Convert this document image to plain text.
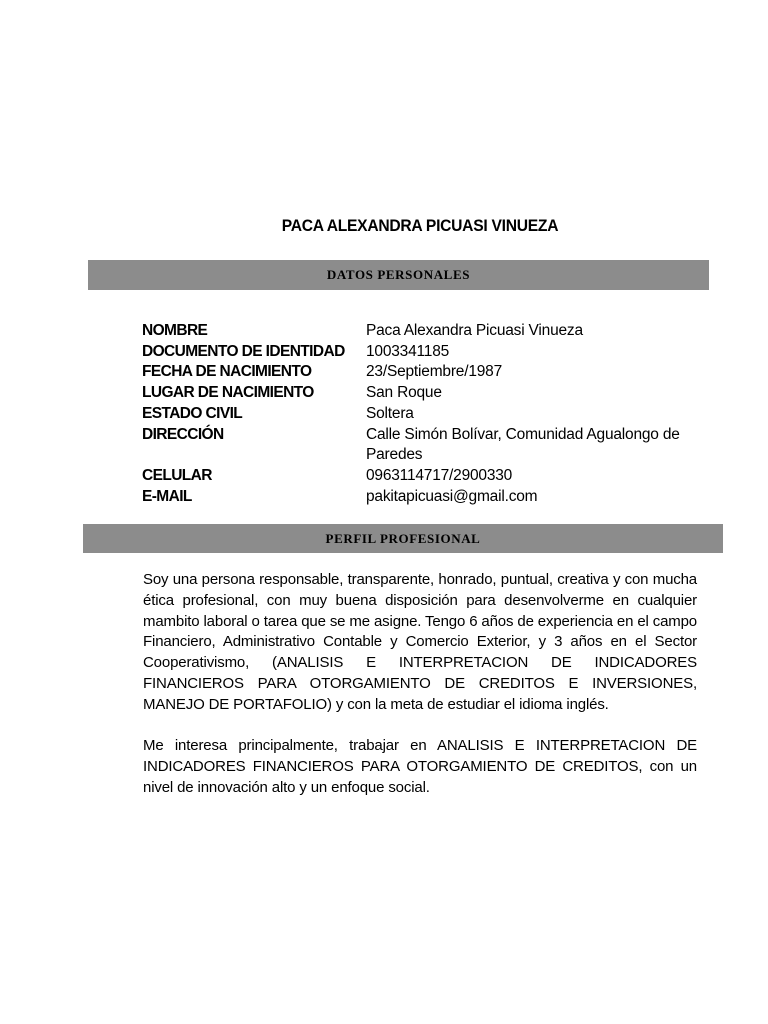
PACA ALEXANDRA PICUASI VINUEZA
DATOS PERSONALES
NOMBRE	Paca Alexandra Picuasi Vinueza
DOCUMENTO DE IDENTIDAD	1003341185
FECHA DE NACIMIENTO	23/Septiembre/1987
LUGAR DE NACIMIENTO	San Roque
ESTADO CIVIL	Soltera
DIRECCIÓN	Calle Simón Bolívar, Comunidad Agualongo de Paredes
CELULAR	0963114717/2900330
E-MAIL	pakitapicuasi@gmail.com
PERFIL PROFESIONAL

Soy una persona responsable, transparente, honrado, puntual, creativa y con mucha ética profesional, con muy buena disposición para desenvolverme en cualquier mambito laboral o tarea que se me asigne. Tengo 6 años de experiencia en el campo Financiero, Administrativo Contable y Comercio Exterior, y 3 años en el Sector Cooperativismo, (ANALISIS E INTERPRETACION DE INDICADORES FINANCIEROS PARA OTORGAMIENTO DE CREDITOS E INVERSIONES, MANEJO DE PORTAFOLIO) y con la meta de estudiar el idioma inglés.

Me interesa principalmente, trabajar en ANALISIS E INTERPRETACION DE INDICADORES FINANCIEROS PARA OTORGAMIENTO DE CREDITOS, con un nivel de innovación alto y un enfoque social.
